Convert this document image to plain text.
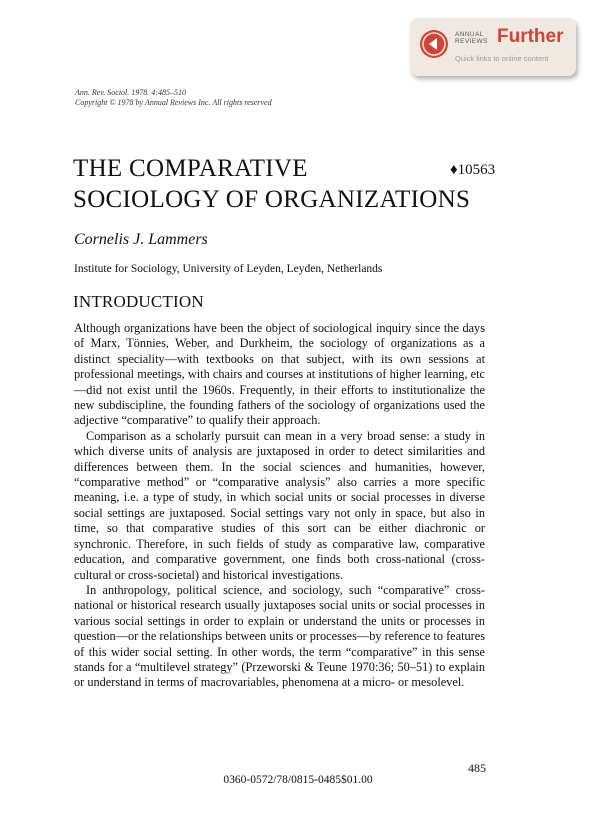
ANNUAL
REVIEWS Further
Quick links to online content
Ann. Rev. Sociol. 1978. 4:485–510
Copyright © 1978 by Annual Reviews Inc. All rights reserved
THE COMPARATIVE
SOCIOLOGY OF ORGANIZATIONS
♦10563
Cornelis J. Lammers
Institute for Sociology, University of Leyden, Leyden, Netherlands
INTRODUCTION

Although organizations have been the object of sociological inquiry since the days of Marx, Tönnies, Weber, and Durkheim, the sociology of organizations as a distinct speciality—with textbooks on that subject, with its own sessions at professional meetings, with chairs and courses at institutions of higher learning, etc—did not exist until the 1960s. Frequently, in their efforts to institutionalize the new subdiscipline, the founding fathers of the sociology of organizations used the adjective “comparative” to qualify their approach.

Comparison as a scholarly pursuit can mean in a very broad sense: a study in which diverse units of analysis are juxtaposed in order to detect similarities and differences between them. In the social sciences and humanities, however, “comparative method” or “comparative analysis” also carries a more specific meaning, i.e. a type of study, in which social units or social processes in diverse social settings are juxtaposed. Social settings vary not only in space, but also in time, so that comparative studies of this sort can be either diachronic or synchronic. Therefore, in such fields of study as comparative law, comparative education, and comparative government, one finds both cross-national (cross-cultural or cross-societal) and historical investigations.

In anthropology, political science, and sociology, such “comparative” cross-national or historical research usually juxtaposes social units or social processes in various social settings in order to explain or understand the units or processes in question—or the relationships between units or processes—by reference to features of this wider social setting. In other words, the term “comparative” in this sense stands for a “multilevel strategy” (Przeworski & Teune 1970:36; 50–51) to explain or understand in terms of macrovariables, phenomena at a micro- or mesolevel.

485
0360-0572/78/0815-0485$01.00
